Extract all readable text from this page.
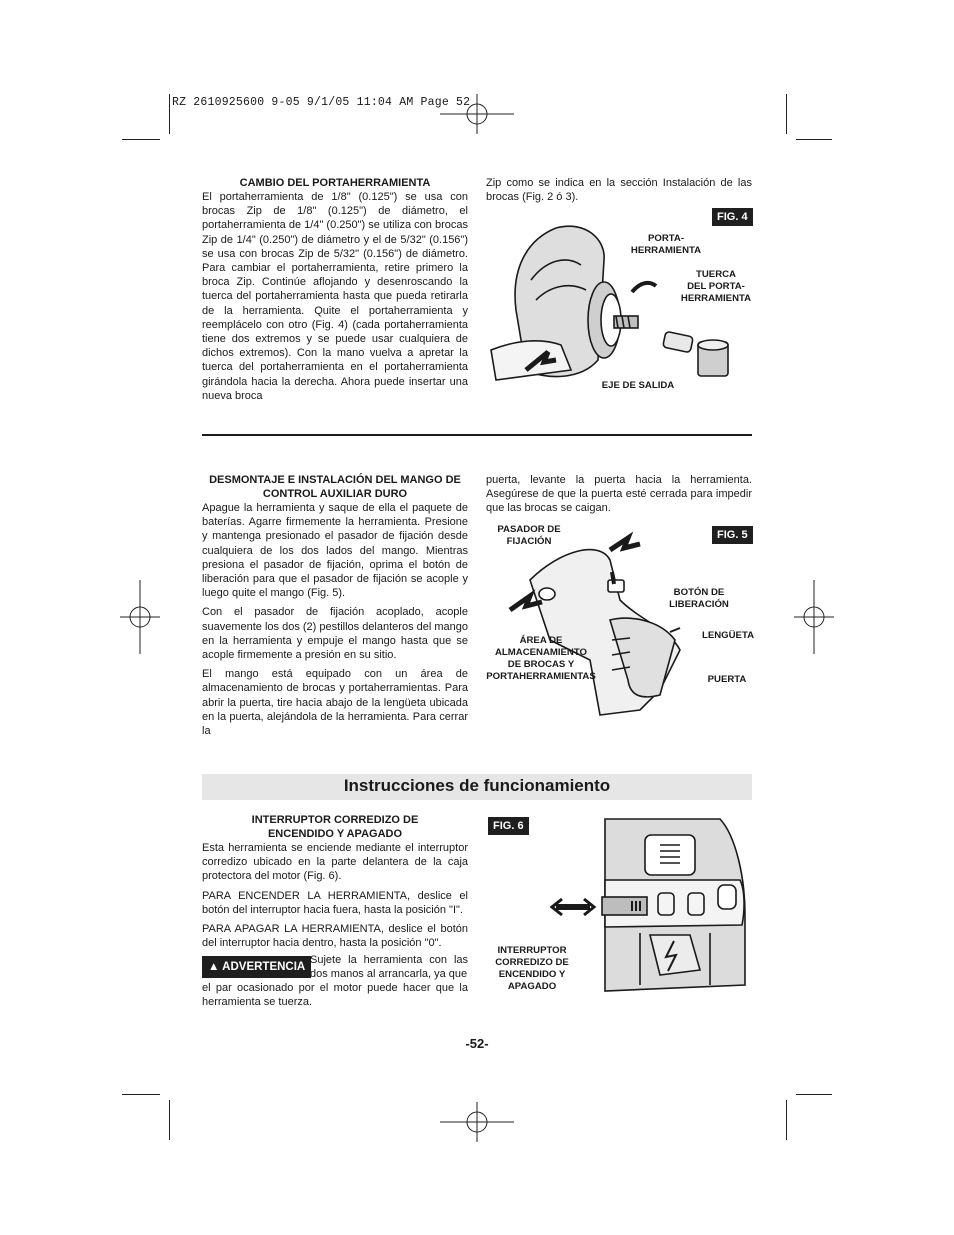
RZ 2610925600 9-05 9/1/05 11:04 AM Page 52
CAMBIO DEL PORTAHERRAMIENTA
El portaherramienta de 1/8" (0.125") se usa con brocas Zip de 1/8" (0.125") de diámetro, el portaherramienta de 1/4" (0.250") se utiliza con brocas Zip de 1/4" (0.250") de diámetro y el de 5/32" (0.156") se usa con brocas Zip de 5/32" (0.156") de diámetro. Para cambiar el portaherramienta, retire primero la broca Zip. Continúe aflojando y desenroscando la tuerca del portaherramienta hasta que pueda retirarla de la herramienta. Quite el portaherramienta y reemplácelo con otro (Fig. 4) (cada portaherramienta tiene dos extremos y se puede usar cualquiera de dichos extremos). Con la mano vuelva a apretar la tuerca del portaherramienta en el portaherramienta girándola hacia la derecha. Ahora puede insertar una nueva broca
Zip como se indica en la sección Instalación de las brocas (Fig. 2 ó 3).
FIG. 4
PORTA-
HERRAMIENTA
TUERCA
DEL PORTA-
HERRAMIENTA
EJE DE SALIDA
DESMONTAJE E INSTALACIÓN DEL MANGO DE
CONTROL AUXILIAR DURO

Apague la herramienta y saque de ella el paquete de baterías. Agarre firmemente la herramienta. Presione y mantenga presionado el pasador de fijación desde cualquiera de los dos lados del mango. Mientras presiona el pasador de fijación, oprima el botón de liberación para que el pasador de fijación se acople y luego quite el mango (Fig. 5).

Con el pasador de fijación acoplado, acople suavemente los dos (2) pestillos delanteros del mango en la herramienta y empuje el mango hasta que se acople firmemente a presión en su sitio.

El mango está equipado con un área de almacenamiento de brocas y portaherramientas. Para abrir la puerta, tire hacia abajo de la lengüeta ubicada en la puerta, alejándola de la herramienta. Para cerrar la

puerta, levante la puerta hacia la herramienta. Asegúrese de que la puerta esté cerrada para impedir que las brocas se caigan.
FIG. 5
PASADOR DE
FIJACIÓN
BOTÓN DE
LIBERACIÓN
LENGÜETA
ÁREA DE
ALMACENAMIENTO
DE BROCAS Y
PORTAHERRAMIENTAS	PUERTA
Instrucciones de funcionamiento
INTERRUPTOR CORREDIZO DE
ENCENDIDO Y APAGADO

Esta herramienta se enciende mediante el interruptor corredizo ubicado en la parte delantera de la caja protectora del motor (Fig. 6).

PARA ENCENDER LA HERRAMIENTA, deslice el botón del interruptor hacia fuera, hasta la posición "I".

PARA APAGAR LA HERRAMIENTA, deslice el botón del interruptor hacia dentro, hasta la posición "0".

▲ ADVERTENCIA
Sujete la herramienta con las dos manos al arrancarla, ya que
el par ocasionado por el motor puede hacer que la herramienta se tuerza.
FIG. 6
INTERRUPTOR
CORREDIZO DE
ENCENDIDO Y
APAGADO
-52-
